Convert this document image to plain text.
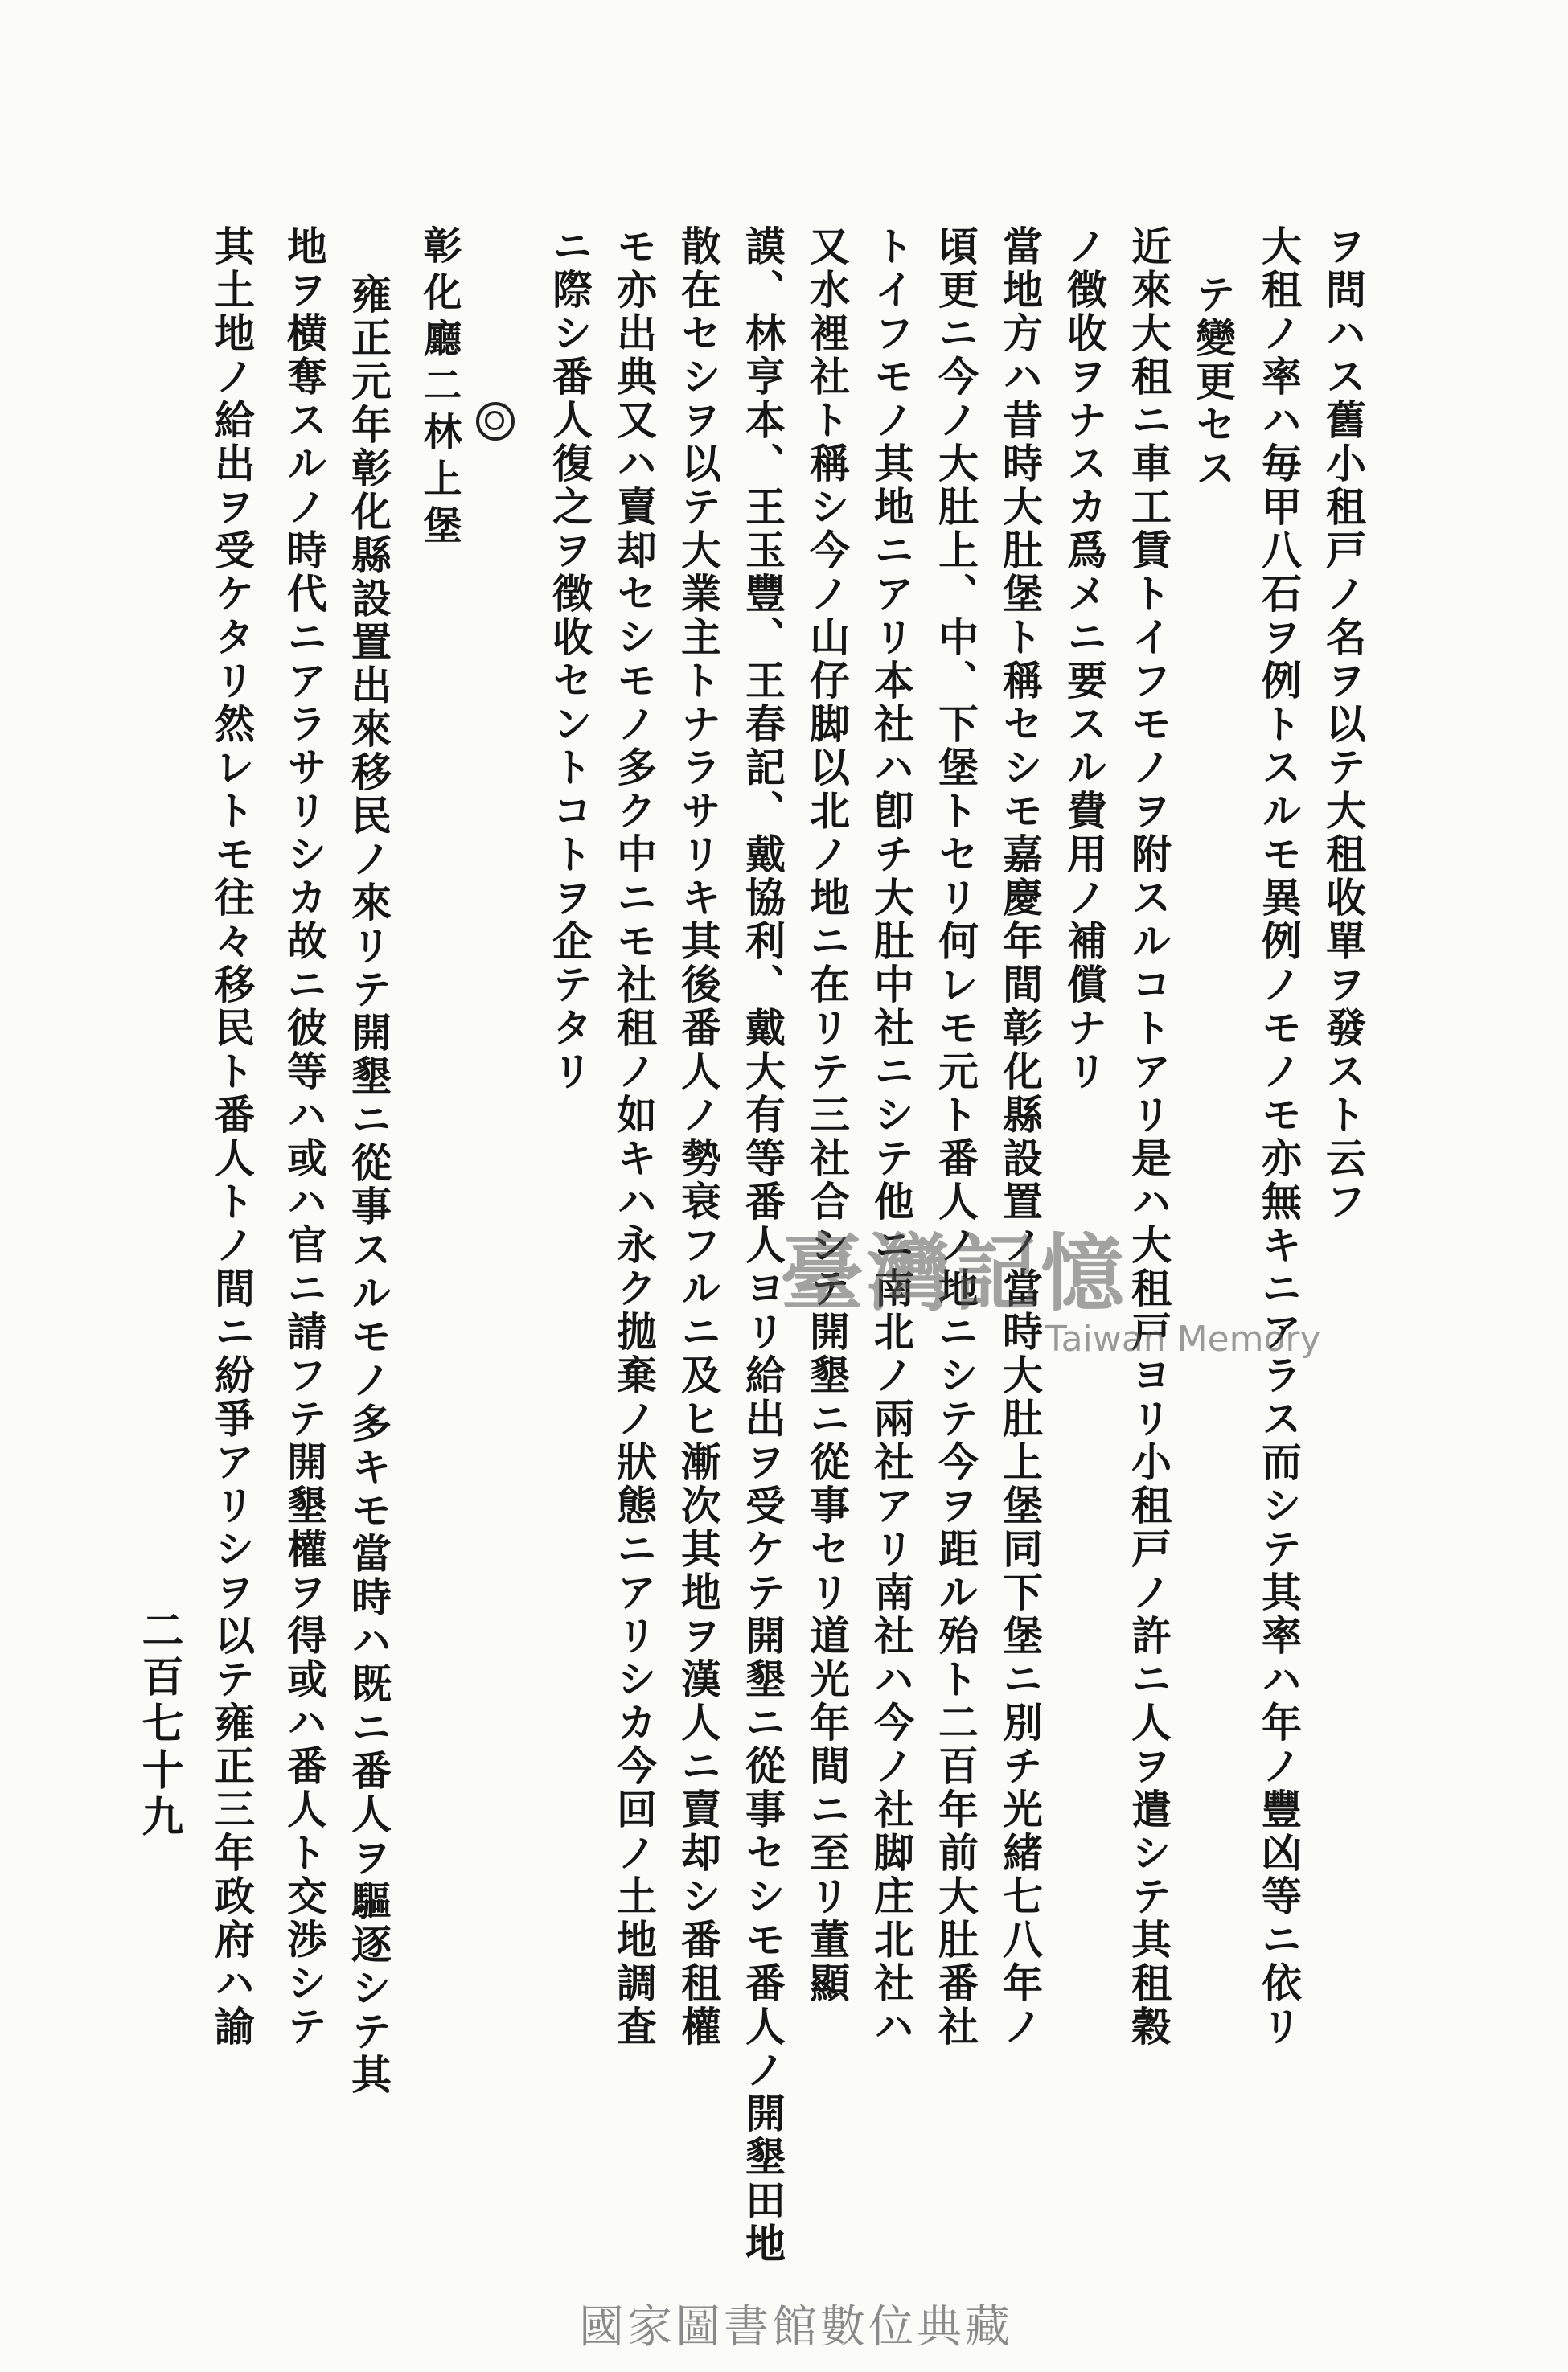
ヲ問ハス舊小租戸ノ名ヲ以テ大租收單ヲ發スト云フ
大租ノ率ハ毎甲八石ヲ例トスルモ異例ノモノモ亦無キニアラス而シテ其率ハ年ノ豐凶等ニ依リ
テ變更セス
近來大租ニ車工賃トイフモノヲ附スルコトアリ是ハ大租戸ヨリ小租戸ノ許ニ人ヲ遣シテ其租穀
ノ徴收ヲナスカ爲メニ要スル費用ノ補償ナリ
當地方ハ昔時大肚堡ト稱セシモ嘉慶年間彰化縣設置ノ當時大肚上堡同下堡ニ別チ光緒七八年ノ
頃更ニ今ノ大肚上、中、下堡トセリ何レモ元ト番人ノ地ニシテ今ヲ距ル殆ト二百年前大肚番社
トイフモノ其地ニアリ本社ハ卽チ大肚中社ニシテ他ニ南北ノ兩社アリ南社ハ今ノ社脚庄北社ハ
又水裡社ト稱シ今ノ山仔脚以北ノ地ニ在リテ三社合シテ開墾ニ從事セリ道光年間ニ至リ董顯
謨、林亨本、王玉豐、王春記、戴協利、戴大有等番人ヨリ給出ヲ受ケテ開墾ニ從事セシモ番人ノ開墾田地
散在セシヲ以テ大業主トナラサリキ其後番人ノ勢衰フルニ及ヒ漸次其地ヲ漢人ニ賣却シ番租權
モ亦出典又ハ賣却セシモノ多ク中ニモ社租ノ如キハ永ク拋棄ノ狀態ニアリシカ今回ノ土地調査
ニ際シ番人復之ヲ徴收セントコトヲ企テタリ
彰化廳二林上堡
雍正元年彰化縣設置出來移民ノ來リテ開墾ニ從事スルモノ多キモ當時ハ既ニ番人ヲ驅逐シテ其
地ヲ横奪スルノ時代ニアラサリシカ故ニ彼等ハ或ハ官ニ請フテ開墾權ヲ得或ハ番人ト交渉シテ
其土地ノ給出ヲ受ケタリ然レトモ往々移民ト番人トノ間ニ紛爭アリシヲ以テ雍正三年政府ハ諭
二百七十九
臺灣記憶
Taiwan Memory
國家圖書館數位典藏
